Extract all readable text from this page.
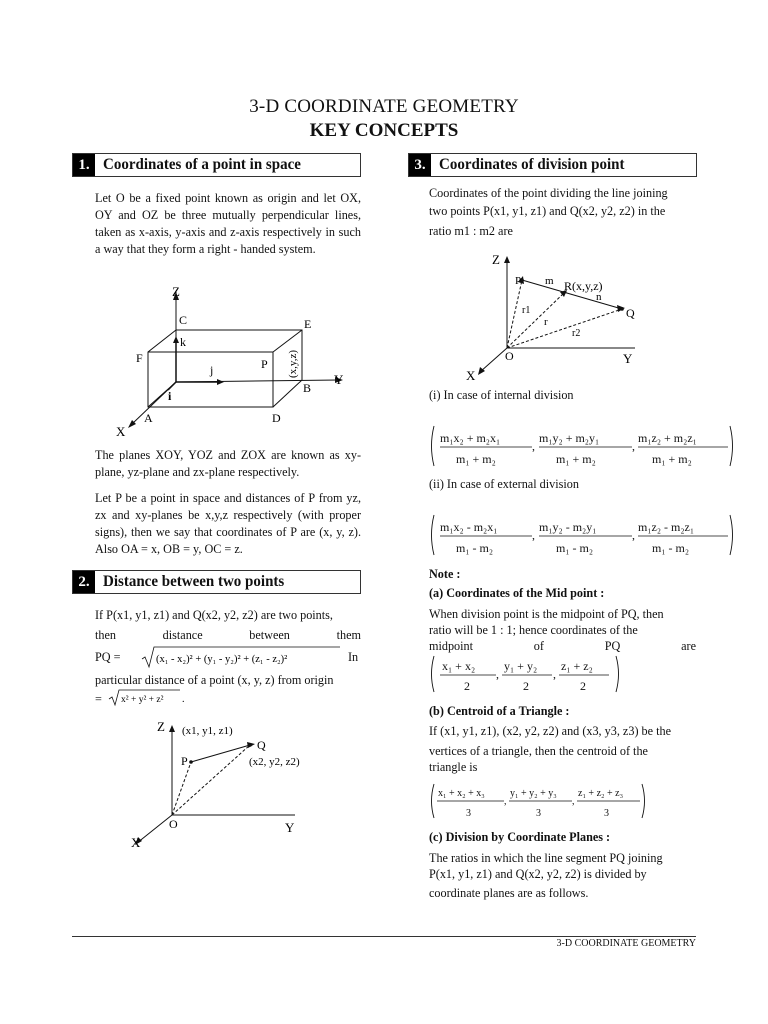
3-D COORDINATE GEOMETRY
KEY CONCEPTS
1. Coordinates of a point in space
Let O be a fixed point known as origin and let OX, OY and OZ be three mutually perpendicular lines, taken as x-axis, y-axis and z-axis respectively in such a way that they form a right - handed system.
Z
Y
X
C	E
F
k
j
i
P (x,y,z)
B
A	D
The planes XOY, YOZ and ZOX are known as xy-plane, yz-plane and zx-plane respectively.
Let P be a point in space and distances of P from yz, zx and xy-planes be x,y,z respectively (with proper signs), then we say that coordinates of P are (x, y, z). Also OA = x, OB = y, OC = z.
2. Distance between two points
If P(x1, y1, z1) and Q(x2, y2, z2) are two points,
then	distance	between	them
PQ =	(x₁ - x₂)² + (y₁ - y₂)² + (z₁ - z₂)²	In
particular distance of a point (x, y, z) from origin
= x² + y² + z² .
Z
Y
X
O
P
Q
(x1, y1, z1)
(x2, y2, z2)
3. Coordinates of division point
Coordinates of the point dividing the line joining
two points P(x1, y1, z1) and Q(x2, y2, z2) in the
ratio m1 : m2 are
Z
Y
X
O
P
Q
m
n
R(x,y,z)
r
r1
r2
(i) In case of internal division
m₁x₂ + m₂x₁
m₁ + m₂
,
m₁y₂ + m₂y₁
m₁ + m₂
,
m₁z₂ + m₂z₁
m₁ + m₂
(ii) In case of external division
m₁x₂ - m₂x₁
m₁ - m₂
,
m₁y₂ - m₂y₁
m₁ - m₂
,
m₁z₂ - m₂z₁
m₁ - m₂
Note :
(a) Coordinates of the Mid point :
When division point is the midpoint of PQ, then
ratio will be 1 : 1; hence coordinates of the
midpoint	of	PQ	are
x₁ + x₂
2
,
y₁ + y₂
2
,
z₁ + z₂
2
(b) Centroid of a Triangle :
If (x1, y1, z1), (x2, y2, z2) and (x3, y3, z3) be the
vertices of a triangle, then the centroid of the
triangle is
x₁ + x₂ + x₃
3
,
y₁ + y₂ + y₃
3
,
z₁ + z₂ + z₃
3
(c) Division by Coordinate Planes :
The ratios in which the line segment PQ joining
P(x1, y1, z1) and Q(x2, y2, z2) is divided by
coordinate planes are as follows.
3-D COORDINATE GEOMETRY
